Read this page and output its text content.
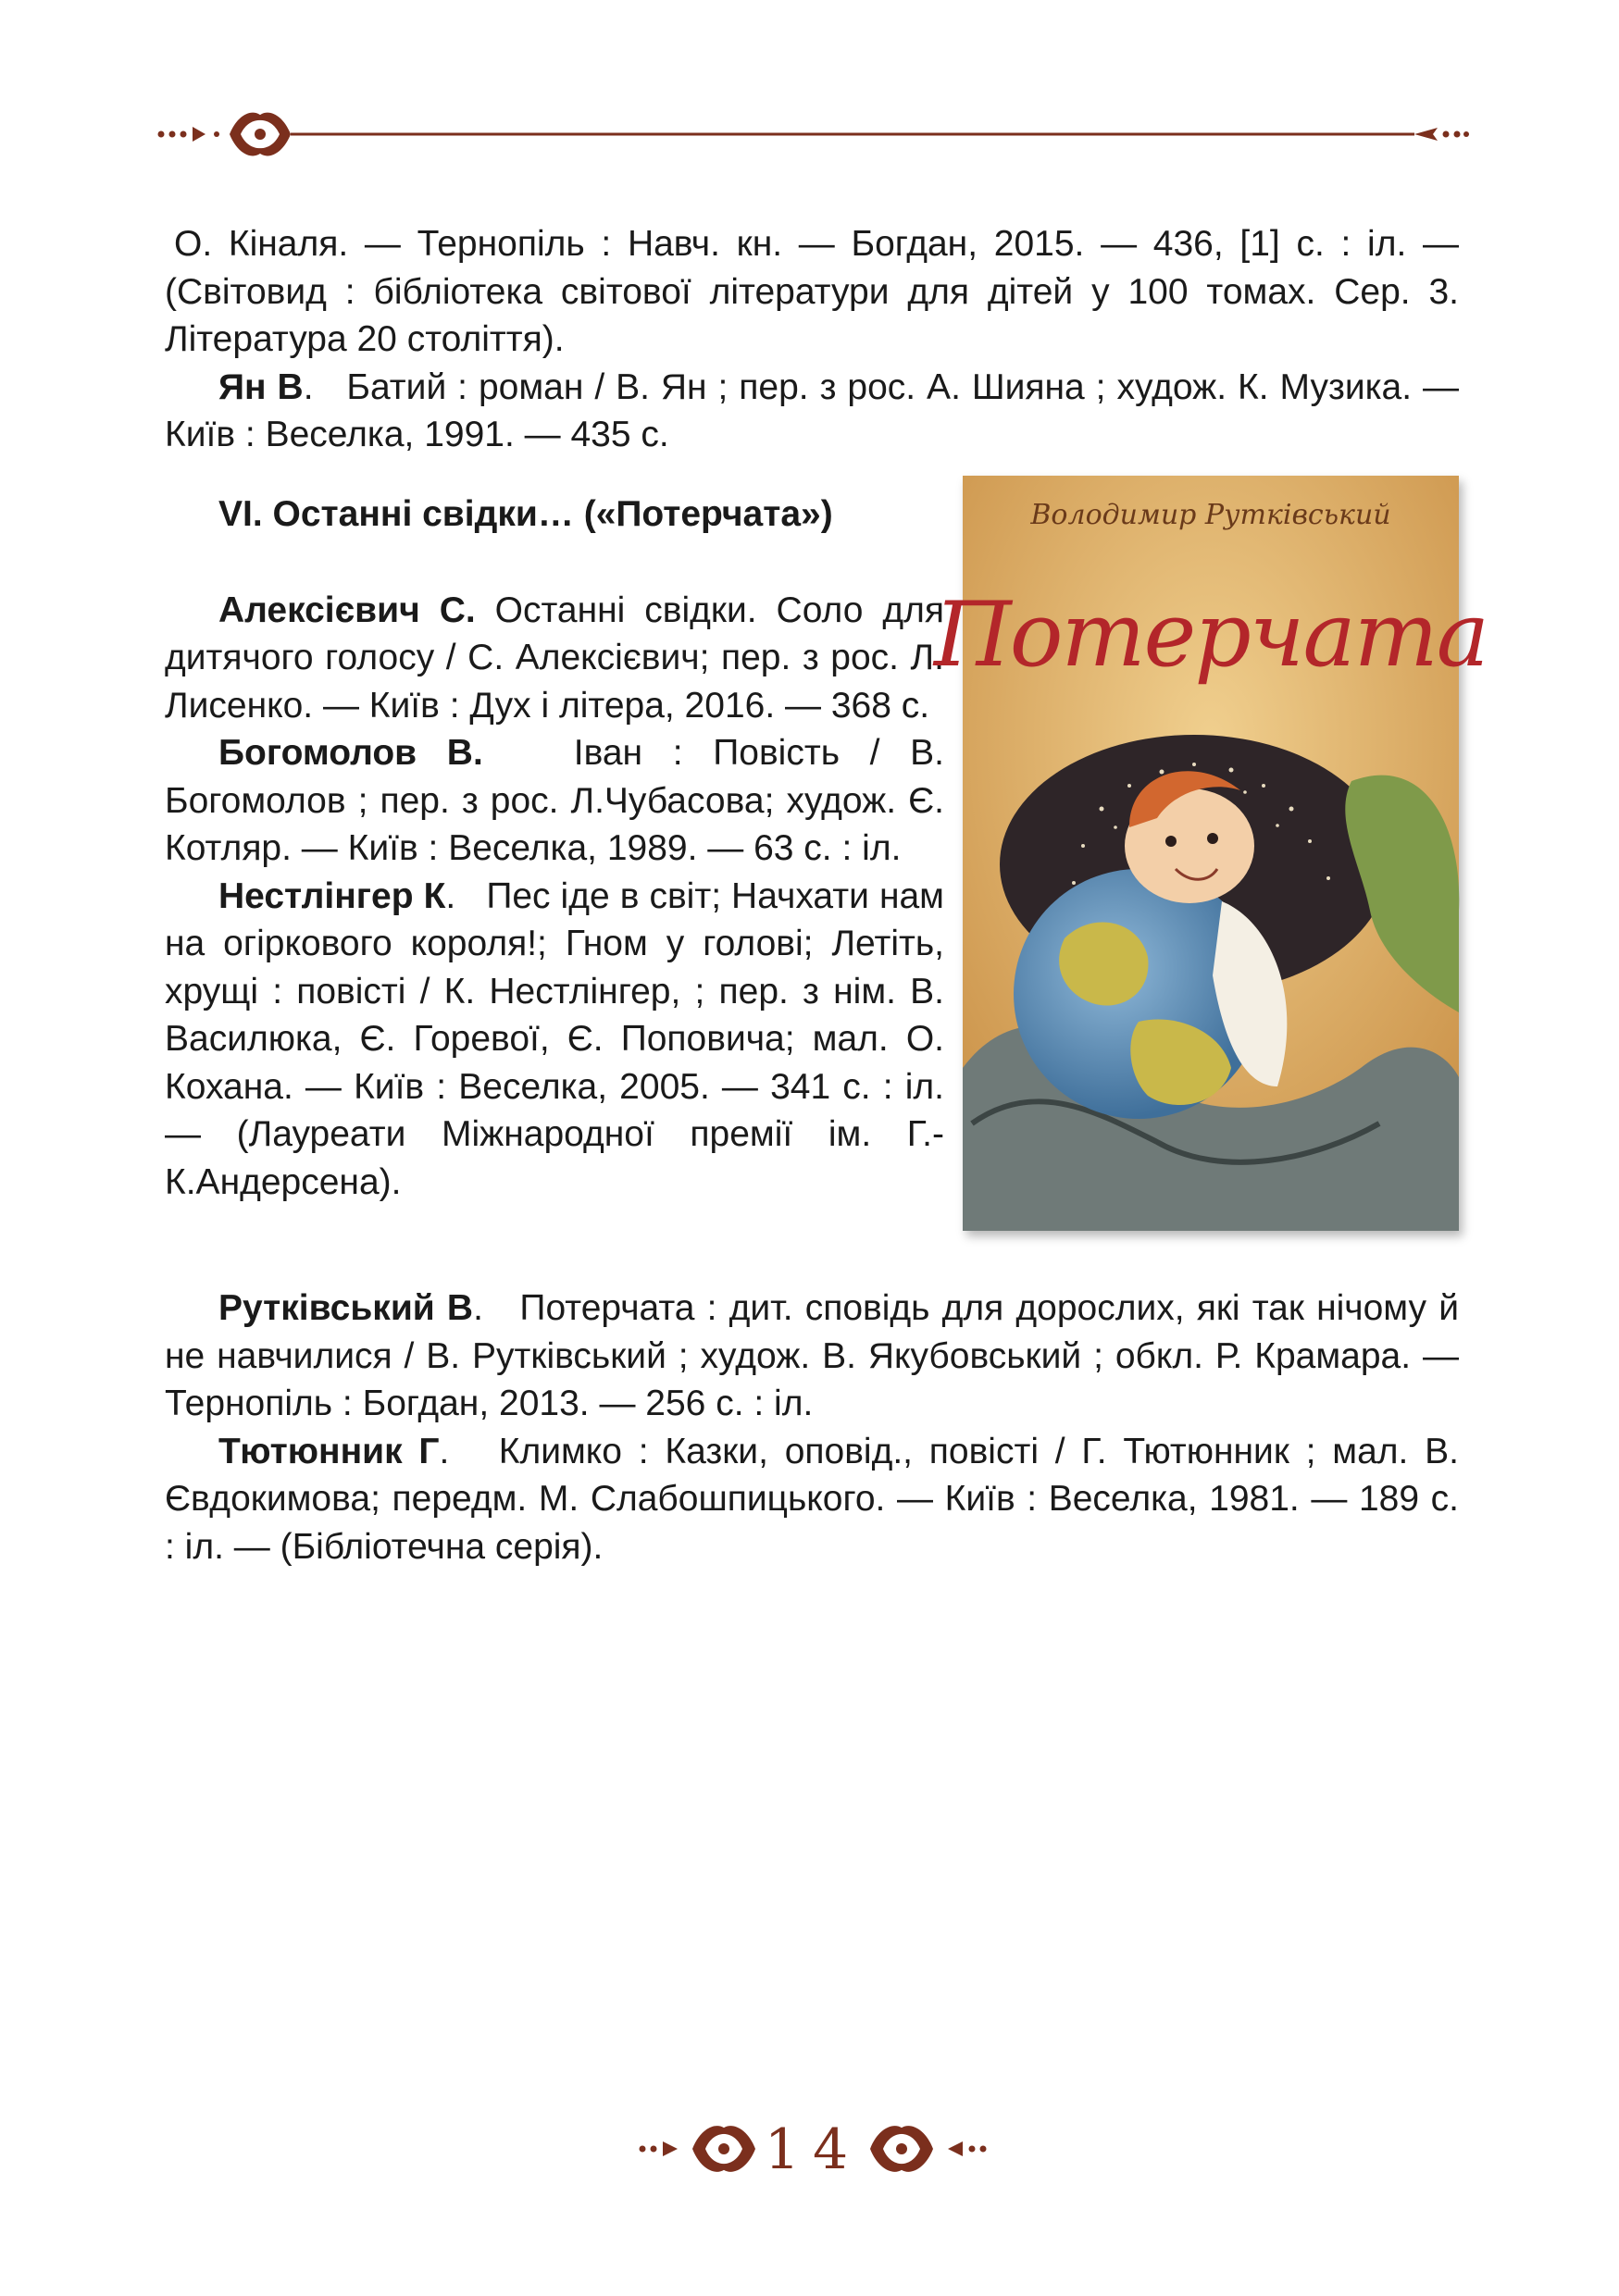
О. Кіналя. — Тернопіль : Навч. кн. — Богдан, 2015. — 436, [1] с. : іл. — (Світовид : бібліотека світової літератури для дітей у 100 томах. Сер. 3. Література 20 століття).

Ян В. Батий : роман / В. Ян ; пер. з рос. А. Шияна ; худож. К. Музика. — Київ : Веселка, 1991. — 435 с.

VI. Останні свідки… («Потерчата»)

Алексієвич С. Останні свідки. Соло для дитячого голосу / С. Алексієвич; пер. з рос. Л. Лисенко. — Київ : Дух і літера, 2016. — 368 с.

Богомолов В.	Іван : Повість / В. Богомолов ; пер. з рос. Л.Чубасова; худож. Є. Котляр. — Київ : Веселка, 1989. — 63 с. : іл.

Нестлінгер К. Пес іде в світ; Начхати нам на огіркового короля!; Гном у голові; Летіть, хрущі : повісті / К. Нестлінгер, ; пер. з нім. В. Василюка, Є. Горевої, Є. Поповича; мал. О. Кохана. — Київ : Веселка, 2005. — 341 с. : іл. — (Лауреати Міжнародної премії ім. Г.-К.Андерсена).

Володимир Рутківський
Потерчата

Рутківський В. Потерчата : дит. сповідь для дорослих, які так нічому й не навчилися / В. Рутківський ; худож. В. Якубовський ; обкл. Р. Крамара. — Тернопіль : Богдан, 2013. — 256 с. : іл.

Тютюнник Г. Климко : Казки, оповід., повісті / Г. Тютюнник ; мал. В. Євдокимова; передм. М. Слабошпицького. — Київ : Веселка, 1981. — 189 с. : іл. — (Бібліотечна серія).

14
